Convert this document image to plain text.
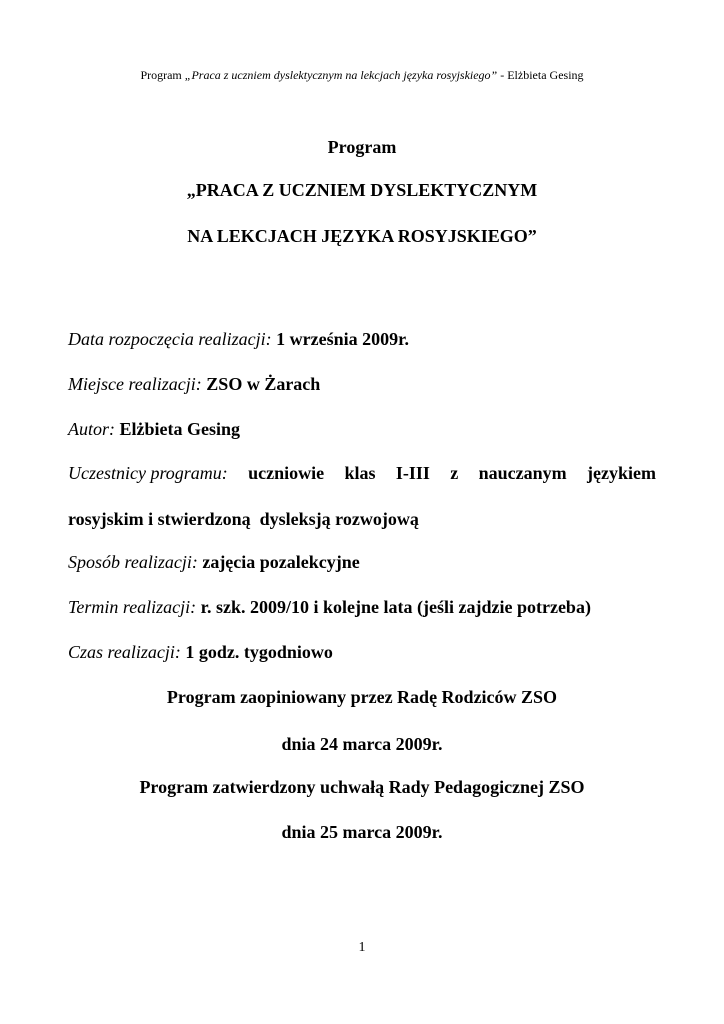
Program „Praca z uczniem dyslektycznym na lekcjach języka rosyjskiego” - Elżbieta Gesing
Program
„PRACA Z UCZNIEM DYSLEKTYCZNYM
NA LEKCJACH JĘZYKA ROSYJSKIEGO”
Data rozpoczęcia realizacji: 1 września 2009r.
Miejsce realizacji: ZSO w Żarach
Autor: Elżbieta Gesing
Uczestnicy programu: uczniowie klas I-III z nauczanym językiem
rosyjskim i stwierdzoną  dysleksją rozwojową
Sposób realizacji: zajęcia pozalekcyjne
Termin realizacji: r. szk. 2009/10 i kolejne lata (jeśli zajdzie potrzeba)
Czas realizacji: 1 godz. tygodniowo
Program zaopiniowany przez Radę Rodziców ZSO
dnia 24 marca 2009r.
Program zatwierdzony uchwałą Rady Pedagogicznej ZSO
dnia 25 marca 2009r.
1
